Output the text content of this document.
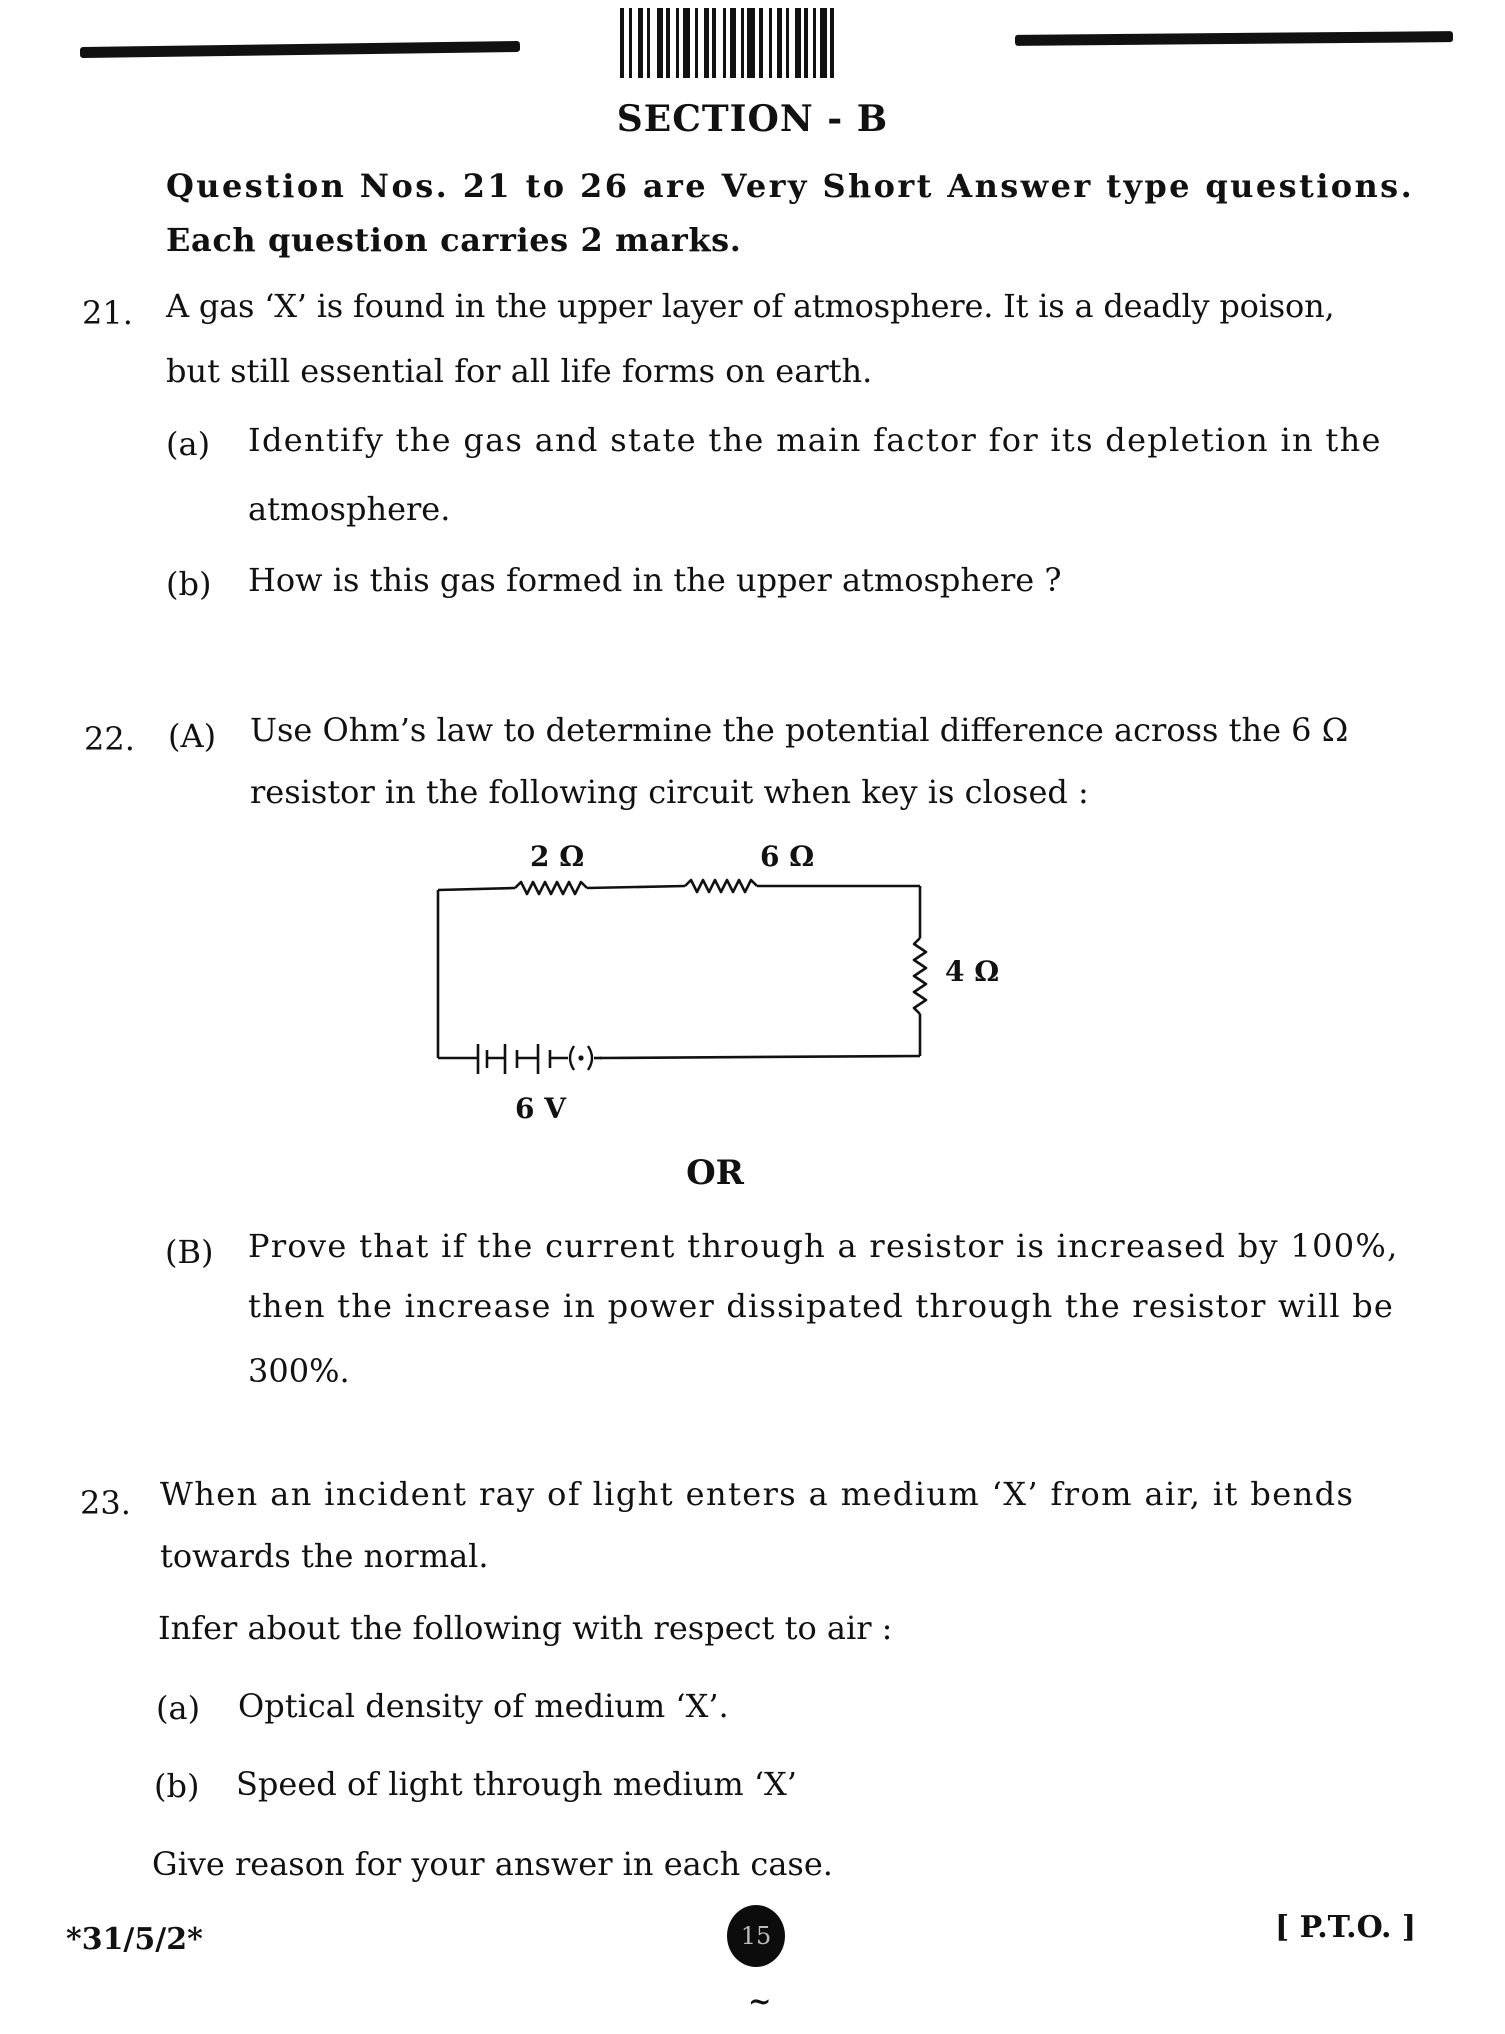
SECTION - B
Question Nos. 21 to 26 are Very Short Answer type questions.
Each question carries 2 marks.
21. A gas ‘X’ is found in the upper layer of atmosphere. It is a deadly poison,
but still essential for all life forms on earth.
(a) Identify the gas and state the main factor for its depletion in the
atmosphere.
(b) How is this gas formed in the upper atmosphere ?
22. (A) Use Ohm’s law to determine the potential difference across the 6 Ω
resistor in the following circuit when key is closed :
2 Ω	6 Ω
4 Ω
6 V
OR
(B) Prove that if the current through a resistor is increased by 100%,
then the increase in power dissipated through the resistor will be
300%.
23. When an incident ray of light enters a medium ‘X’ from air, it bends
towards the normal.
Infer about the following with respect to air :
(a) Optical density of medium ‘X’.
(b) Speed of light through medium ‘X’
Give reason for your answer in each case.
*31/5/2*	15	[ P.T.O. ]
~
